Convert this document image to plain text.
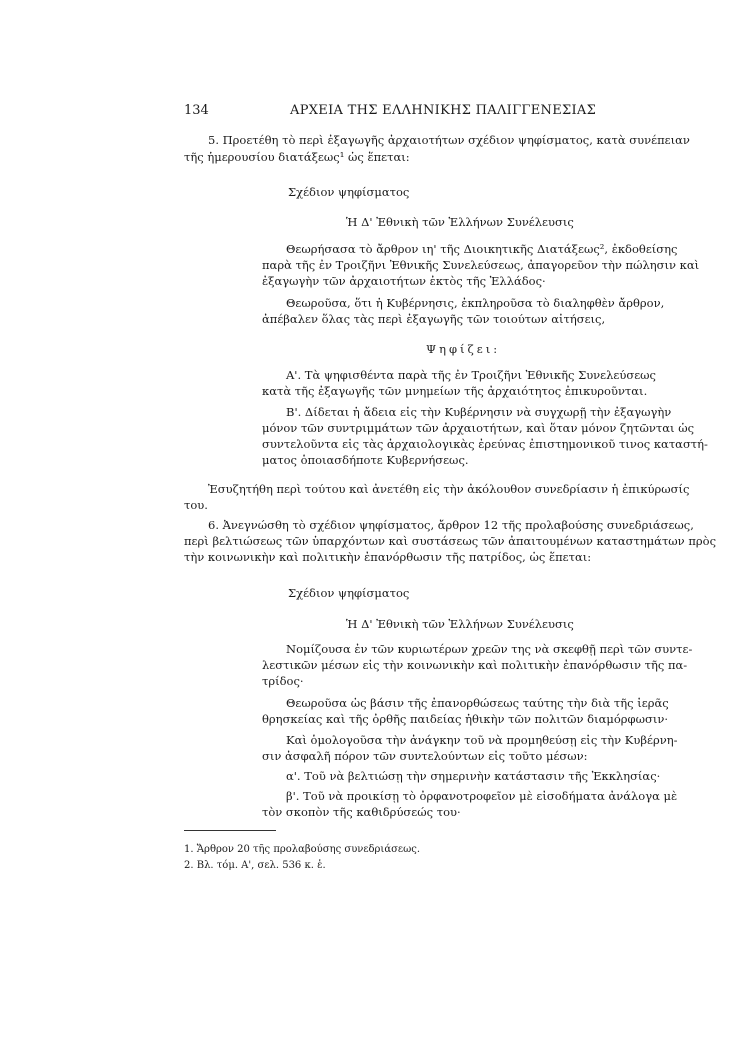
134	ΑΡΧΕΙΑ ΤΗΣ ΕΛΛΗΝΙΚΗΣ ΠΑΛΙΓΓΕΝΕΣΙΑΣ
5. Προετέθη τὸ περὶ ἐξαγωγῆς ἀρχαιοτήτων σχέδιον ψηφίσματος, κατὰ συνέπειαν
τῆς ἡμερουσίου διατάξεως¹ ὡς ἕπεται:
Σχέδιον ψηφίσματος
Ἡ Δ' Ἐθνικὴ τῶν Ἑλλήνων Συνέλευσις
Θεωρήσασα τὸ ἄρθρον ιη' τῆς Διοικητικῆς Διατάξεως², ἐκδοθείσης
παρὰ τῆς ἐν Τροιζῆνι Ἐθνικῆς Συνελεύσεως, ἀπαγορεῦον τὴν πώλησιν καὶ
ἐξαγωγὴν τῶν ἀρχαιοτήτων ἐκτὸς τῆς Ἑλλάδος·
Θεωροῦσα, ὅτι ἡ Κυβέρνησις, ἐκπληροῦσα τὸ διαληφθὲν ἄρθρον,
ἀπέβαλεν ὅλας τὰς περὶ ἐξαγωγῆς τῶν τοιούτων αἰτήσεις,
Ψηφίζει:
Α'. Τὰ ψηφισθέντα παρὰ τῆς ἐν Τροιζῆνι Ἐθνικῆς Συνελεύσεως
κατὰ τῆς ἐξαγωγῆς τῶν μνημείων τῆς ἀρχαιότητος ἐπικυροῦνται.
Β'. Δίδεται ἡ ἄδεια εἰς τὴν Κυβέρνησιν νὰ συγχωρῇ τὴν ἐξαγωγὴν
μόνον τῶν συντριμμάτων τῶν ἀρχαιοτήτων, καὶ ὅταν μόνον ζητῶνται ὡς
συντελοῦντα εἰς τὰς ἀρχαιολογικὰς ἐρεύνας ἐπιστημονικοῦ τινος καταστή-
ματος ὁποιασδήποτε Κυβερνήσεως.
Ἐσυζητήθη περὶ τούτου καὶ ἀνετέθη εἰς τὴν ἀκόλουθον συνεδρίασιν ἡ ἐπικύρωσίς
του.
6. Ἀνεγνώσθη τὸ σχέδιον ψηφίσματος, ἄρθρον 12 τῆς προλαβούσης συνεδριάσεως,
περὶ βελτιώσεως τῶν ὑπαρχόντων καὶ συστάσεως τῶν ἀπαιτουμένων καταστημάτων πρὸς
τὴν κοινωνικὴν καὶ πολιτικὴν ἐπανόρθωσιν τῆς πατρίδος, ὡς ἕπεται:
Σχέδιον ψηφίσματος
Ἡ Δ' Ἐθνικὴ τῶν Ἑλλήνων Συνέλευσις
Νομίζουσα ἐν τῶν κυριωτέρων χρεῶν της νὰ σκεφθῇ περὶ τῶν συντε-
λεστικῶν μέσων εἰς τὴν κοινωνικὴν καὶ πολιτικὴν ἐπανόρθωσιν τῆς πα-
τρίδος·
Θεωροῦσα ὡς βάσιν τῆς ἐπανορθώσεως ταύτης τὴν διὰ τῆς ἱερᾶς
θρησκείας καὶ τῆς ὀρθῆς παιδείας ἠθικὴν τῶν πολιτῶν διαμόρφωσιν·
Καὶ ὁμολογοῦσα τὴν ἀνάγκην τοῦ νὰ προμηθεύσῃ εἰς τὴν Κυβέρνη-
σιν ἀσφαλῆ πόρον τῶν συντελούντων εἰς τοῦτο μέσων:
α'. Τοῦ νὰ βελτιώσῃ τὴν σημερινὴν κατάστασιν τῆς Ἐκκλησίας·
β'. Τοῦ νὰ προικίσῃ τὸ ὀρφανοτροφεῖον μὲ εἰσοδήματα ἀνάλογα μὲ
τὸν σκοπὸν τῆς καθιδρύσεώς του·
1. Ἄρθρον 20 τῆς προλαβούσης συνεδριάσεως.
2. Βλ. τόμ. Α', σελ. 536 κ. ἑ.
